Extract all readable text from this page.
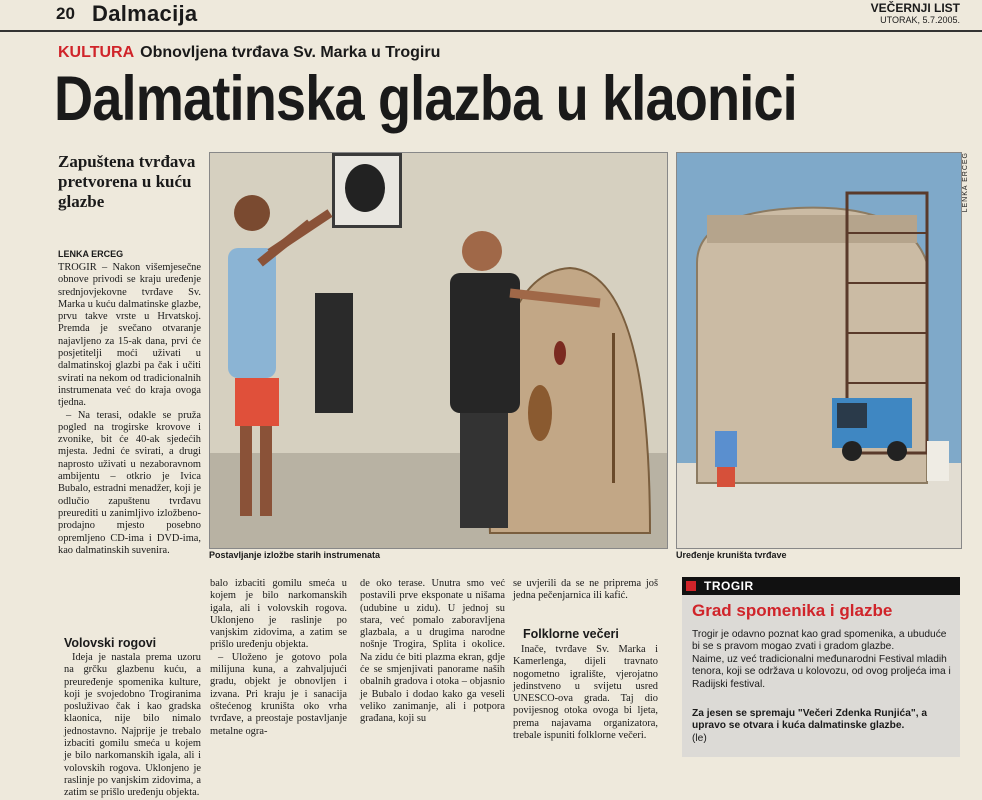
20 Dalmacija	VEČERNJI LIST
UTORAK, 5.7.2005.
KULTURA Obnovljena tvrđava Sv. Marka u Trogiru
Dalmatinska glazba u klaonici
Zapuštena tvrđava pretvorena u kuću glazbe
LENKA ERCEG

TROGIR – Nakon višemjesečne obnove privodi se kraju uređenje srednjovjekovne tvrđave Sv. Marka u kuću dalmatinske glazbe, prvu takve vrste u Hrvatskoj. Premda je svečano otvaranje najavljeno za 15-ak dana, prvi će posjetitelji moći uživati u dalmatinskoj glazbi pa čak i učiti svirati na nekom od tradicionalnih instrumenata već do kraja ovoga tjedna.

– Na terasi, odakle se pruža pogled na trogirske krovove i zvonike, bit će 40-ak sjedećih mjesta. Jedni će svirati, a drugi naprosto uživati u nezaboravnom ambijentu – otkrio je Ivica Bubalo, estradni menadžer, koji je odlučio zapuštenu tvrđavu preurediti u zanimljivo izložbeno-prodajno mjesto posebno opremljeno CD-ima i DVD-ima, kao dalmatinskih suvenira.

Volovski rogovi

Ideja je nastala prema uzoru na grčku glazbenu kuću, a preuređenje spomenika kulture, koji je svojedobno Trogiranima posluživao čak i kao gradska klaonica, nije bilo nimalo jednostavno. Najprije je trebalo izbaciti gomilu smeća u kojem je bilo narkomanskih igala, ali i volovskih rogova. Uklonjeno je raslinje po vanjskim zidovima, a zatim se prišlo uređenju objekta.

balo izbaciti gomilu smeća u kojem je bilo narkomanskih igala, ali i volovskih rogova. Uklonjeno je raslinje po vanjskim zidovima, a zatim se prišlo uređenju objekta.

– Uloženo je gotovo pola milijuna kuna, a zahvaljujući gradu, objekt je obnovljen i izvana. Pri kraju je i sanacija oštećenog kruništa oko vrha tvrđave, a preostaje postavljanje metalne ogra-

de oko terase. Unutra smo već postavili prve eksponate u nišama (udubine u zidu). U jednoj su stara, već pomalo zaboravljena glazbala, a u drugima narodne nošnje Trogira, Splita i okolice. Na zidu će biti plazma ekran, gdje će se smjenjivati panorame naših obalnih gradova i otoka – objasnio je Bubalo i dodao kako ga veseli veliko zanimanje, ali i potpora građana, koji su

se uvjerili da se ne priprema još jedna pečenjarnica ili kafić.

Folklorne večeri

Inače, tvrđave Sv. Marka i Kamerlenga, dijeli travnato nogometno igralište, vjerojatno jedinstveno u svijetu usred UNESCO-ova grada. Taj dio povijesnog otoka ovoga bi ljeta, prema najavama organizatora, trebale ispuniti folklorne večeri.

Postavljanje izložbe starih instrumenata	Uređenje kruništa tvrđave
LENKA ERCEG
TROGIR
Grad spomenika i glazbe

Trogir je odavno poznat kao grad spomenika, a ubuduće bi se s pravom mogao zvati i gradom glazbe.

Naime, uz već tradicionalni međunarodni Festival mladih tenora, koji se održava u kolovozu, od ovog proljeća ima i Radijski festival.

Za jesen se spremaju "Večeri Zdenka Runjića", a upravo se otvara i kuća dalmatinske glazbe.
(le)
